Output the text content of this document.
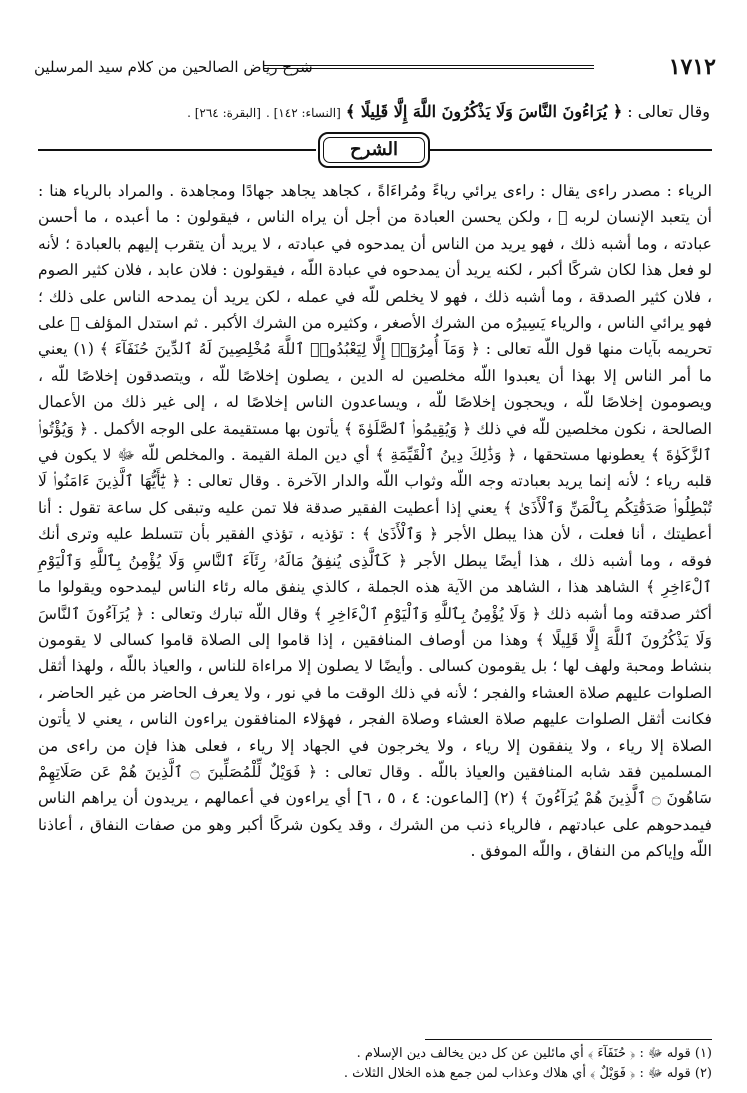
١٧١٢
شرح رياض الصالحين من كلام سيد المرسلين
وقال تعالى : ﴿ يُرَاءُونَ النَّاسَ وَلَا يَذْكُرُونَ اللَّهَ إِلَّا قَلِيلًا ﴾ [النساء: ١٤٢] . [البقرة: ٢٦٤] .
الشرح

الرياء : مصدر راءى يقال : راءى يرائي رياءً ومُراءَاةً ، كجاهد يجاهد جهادًا ومجاهدة . والمراد بالرياء هنا : أن يتعبد الإنسان لربه ﷻ ، ولكن يحسن العبادة من أجل أن يراه الناس ، فيقولون : ما أعبده ، ما أحسن عبادته ، وما أشبه ذلك ، فهو يريد من الناس أن يمدحوه في عبادته ، لا يريد أن يتقرب إليهم بالعبادة ؛ لأنه لو فعل هذا لكان شركًا أكبر ، لكنه يريد أن يمدحوه في عبادة اللّه ، فيقولون : فلان عابد ، فلان كثير الصوم ، فلان كثير الصدقة ، وما أشبه ذلك ، فهو لا يخلص للّه في عمله ، لكن يريد أن يمدحه الناس على ذلك ؛ فهو يرائي الناس ، والرياء يَسِيرُه من الشرك الأصغر ، وكثيره من الشرك الأكبر . ثم استدل المؤلف ﷺ على تحريمه بآيات منها قول اللّه تعالى : ﴿ وَمَآ أُمِرُوٓا۟ إِلَّا لِيَعْبُدُوا۟ ٱللَّهَ مُخْلِصِينَ لَهُ ٱلدِّينَ حُنَفَآءَ ﴾ (١) يعني ما أمر الناس إلا بهذا أن يعبدوا اللّه مخلصين له الدين ، يصلون إخلاصًا للّه ، ويتصدقون إخلاصًا للّه ، ويصومون إخلاصًا للّه ، ويحجون إخلاصًا للّه ، ويساعدون الناس إخلاصًا له ، إلى غير ذلك من الأعمال الصالحة ، نكون مخلصين للّه في ذلك ﴿ وَيُقِيمُوا۟ ٱلصَّلَوٰةَ ﴾ يأتون بها مستقيمة على الوجه الأكمل . ﴿ وَيُؤْتُوا۟ ٱلزَّكَوٰةَ ﴾ يعطونها مستحقها ، ﴿ وَذَٰلِكَ دِينُ ٱلْقَيِّمَةِ ﴾ أي دين الملة القيمة . والمخلص للّه ﷻ لا يكون في قلبه رياء ؛ لأنه إنما يريد بعبادته وجه اللّه وثواب اللّه والدار الآخرة . وقال تعالى : ﴿ يَٰٓأَيُّهَا ٱلَّذِينَ ءَامَنُوا۟ لَا تُبْطِلُوا۟ صَدَقَٰتِكُم بِٱلْمَنِّ وَٱلْأَذَىٰ ﴾ يعني إذا أعطيت الفقير صدقة فلا تمن عليه وتبقى كل ساعة تقول : أنا أعطيتك ، أنا فعلت ، لأن هذا يبطل الأجر ﴿ وَٱلْأَذَىٰ ﴾ : تؤذيه ، تؤذي الفقير بأن تتسلط عليه وترى أنك فوقه ، وما أشبه ذلك ، هذا أيضًا يبطل الأجر ﴿ كَٱلَّذِى يُنفِقُ مَالَهُۥ رِئَآءَ ٱلنَّاسِ وَلَا يُؤْمِنُ بِٱللَّهِ وَٱلْيَوْمِ ٱلْءَاخِرِ ﴾ الشاهد هذا ، الشاهد من الآية هذه الجملة ، كالذي ينفق ماله رئاء الناس ليمدحوه ويقولوا ما أكثر صدقته وما أشبه ذلك ﴿ وَلَا يُؤْمِنُ بِٱللَّهِ وَٱلْيَوْمِ ٱلْءَاخِرِ ﴾ وقال اللّه تبارك وتعالى : ﴿ يُرَآءُونَ ٱلنَّاسَ وَلَا يَذْكُرُونَ ٱللَّهَ إِلَّا قَلِيلًا ﴾ وهذا من أوصاف المنافقين ، إذا قاموا إلى الصلاة قاموا كسالى لا يقومون بنشاط ومحبة ولهف لها ؛ بل يقومون كسالى . وأيضًا لا يصلون إلا مراءاة للناس ، والعياذ باللّه ، ولهذا أثقل الصلوات عليهم صلاة العشاء والفجر ؛ لأنه في ذلك الوقت ما في نور ، ولا يعرف الحاضر من غير الحاضر ، فكانت أثقل الصلوات عليهم صلاة العشاء وصلاة الفجر ، فهؤلاء المنافقون يراءون الناس ، يعني لا يأتون الصلاة إلا رياء ، ولا ينفقون إلا رياء ، ولا يخرجون في الجهاد إلا رياء ، فعلى هذا فإن من راءى من المسلمين فقد شابه المنافقين والعياذ باللّه . وقال تعالى : ﴿ فَوَيْلٌ لِّلْمُصَلِّينَ ۝ ٱلَّذِينَ هُمْ عَن صَلَاتِهِمْ سَاهُونَ ۝ ٱلَّذِينَ هُمْ يُرَآءُونَ ﴾ (٢) [الماعون: ٤ ، ٥ ، ٦] أي يراءون في أعمالهم ، يريدون أن يراهم الناس فيمدحوهم على عبادتهم ، فالرياء ذنب من الشرك ، وقد يكون شركًا أكبر وهو من صفات النفاق ، أعاذنا اللّه وإياكم من النفاق ، واللّه الموفق .

(١) قوله ﷻ : ﴿ حُنَفَآءَ ﴾ أي مائلين عن كل دين يخالف دين الإسلام .
(٢) قوله ﷻ : ﴿ فَوَيْلٌ ﴾ أي هلاك وعذاب لمن جمع هذه الخلال الثلاث .
